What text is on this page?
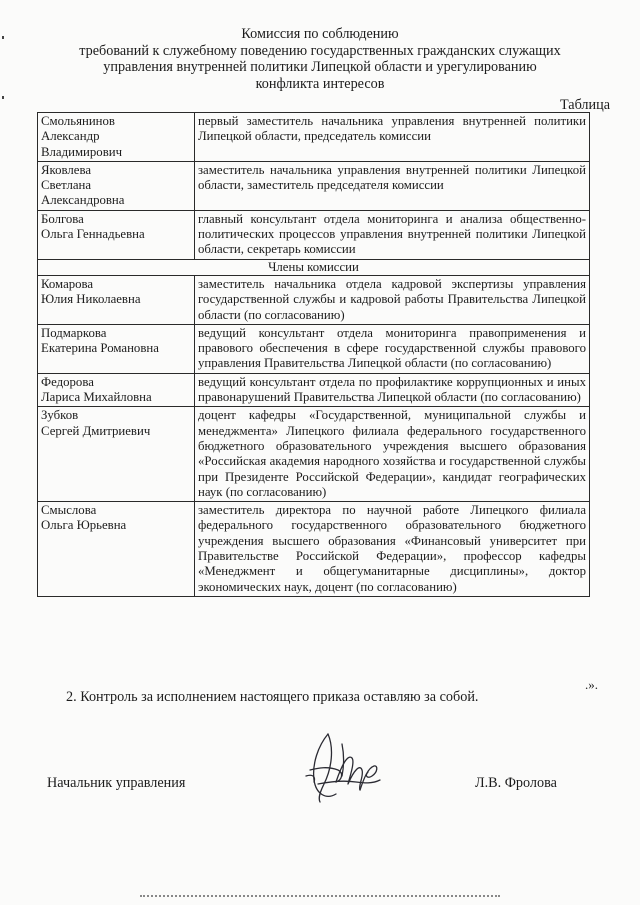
Комиссия по соблюдению
требований к служебному поведению государственных гражданских служащих
управления внутренней политики Липецкой области и урегулированию
конфликта интересов
Таблица
Смольянинов
Александр
Владимирович	первый заместитель начальника управления внутренней политики Липецкой области, председатель комиссии

Яковлева
Светлана
Александровна	заместитель начальника управления внутренней политики Липецкой области, заместитель председателя комиссии

Болгова
Ольга Геннадьевна	главный консультант отдела мониторинга и анализа общественно-политических процессов управления внутренней политики Липецкой области, секретарь комиссии
Члены комиссии	

Комарова
Юлия Николаевна	заместитель начальника отдела кадровой экспертизы управления государственной службы и кадровой работы Правительства Липецкой области (по согласованию)

Подмаркова
Екатерина Романовна	ведущий консультант отдела мониторинга правоприменения и правового обеспечения в сфере государственной службы правового управления Правительства Липецкой области (по согласованию)

Федорова
Лариса Михайловна	ведущий консультант отдела по профилактике коррупционных и иных правонарушений Правительства Липецкой области (по согласованию)

Зубков
Сергей Дмитриевич	доцент кафедры «Государственной, муниципальной службы и менеджмента» Липецкого филиала федерального государственного бюджетного образовательного учреждения высшего образования «Российская академия народного хозяйства и государственной службы при Президенте Российской Федерации», кандидат географических наук (по согласованию)

Смыслова
Ольга Юрьевна	заместитель директора по научной работе Липецкого филиала федерального государственного образовательного бюджетного учреждения высшего образования «Финансовый университет при Правительстве Российской Федерации», профессор кафедры «Менеджмент и общегуманитарные дисциплины», доктор экономических наук, доцент (по согласованию)
.».
2. Контроль за исполнением настоящего приказа оставляю за собой.
Начальник управления	Л.В. Фролова
